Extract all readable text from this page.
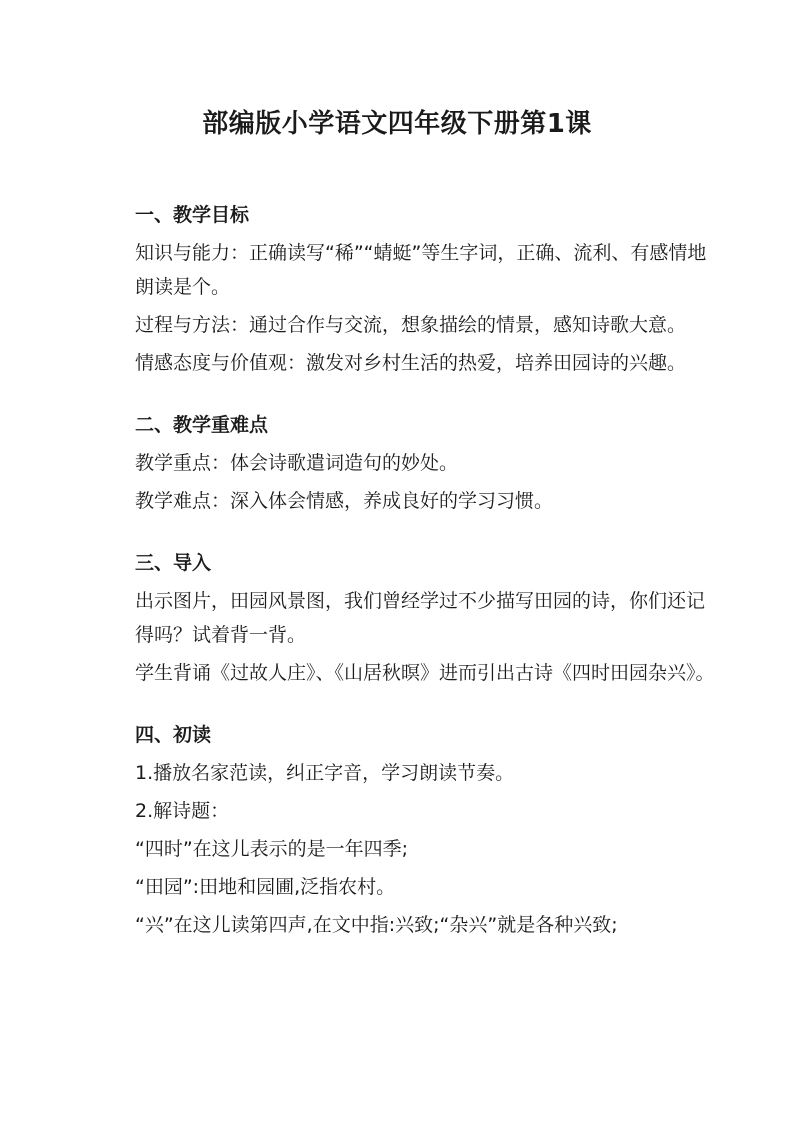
部编版小学语文四年级下册第1课
一、教学目标
知识与能力：正确读写“稀”“蜻蜓”等生字词，正确、流利、有感情地朗读是个。
过程与方法：通过合作与交流，想象描绘的情景，感知诗歌大意。
情感态度与价值观：激发对乡村生活的热爱，培养田园诗的兴趣。
二、教学重难点
教学重点：体会诗歌遣词造句的妙处。
教学难点：深入体会情感，养成良好的学习习惯。
三、导入
出示图片，田园风景图，我们曾经学过不少描写田园的诗，你们还记得吗？试着背一背。
学生背诵《过故人庄》、《山居秋暝》进而引出古诗《四时田园杂兴》。
四、初读
1.播放名家范读，纠正字音，学习朗读节奏。
2.解诗题：
“四时”在这儿表示的是一年四季;
“田园”:田地和园圃,泛指农村。
“兴”在这儿读第四声,在文中指:兴致;“杂兴”就是各种兴致;
